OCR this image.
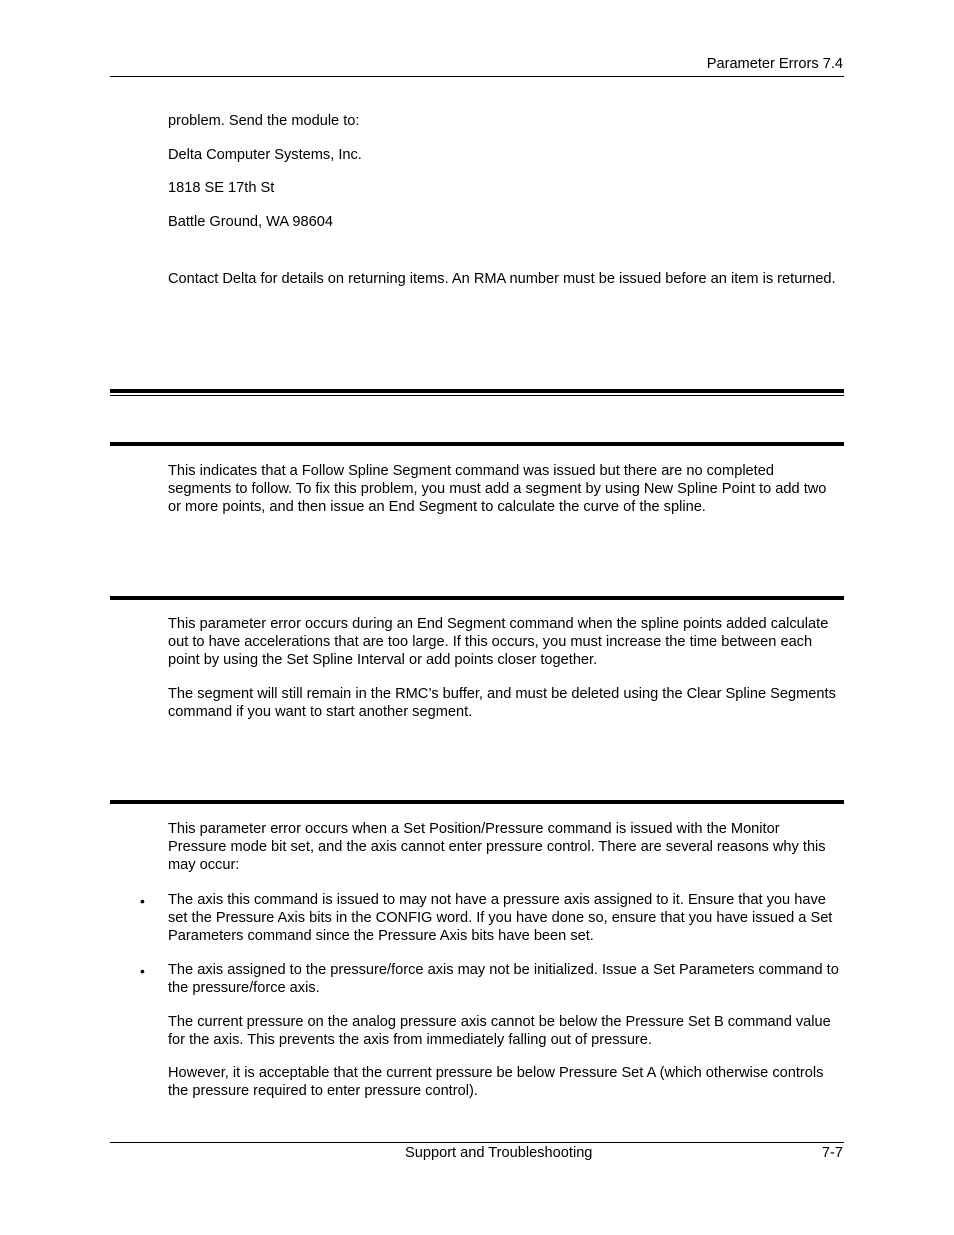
Parameter Errors 7.4
problem. Send the module to:
Delta Computer Systems, Inc.
1818 SE 17th St
Battle Ground, WA 98604
Contact Delta for details on returning items. An RMA number must be issued before an item is returned.
This indicates that a Follow Spline Segment command was issued but there are no completed segments to follow. To fix this problem, you must add a segment by using New Spline Point to add two or more points, and then issue an End Segment to calculate the curve of the spline.
This parameter error occurs during an End Segment command when the spline points added calculate out to have accelerations that are too large. If this occurs, you must increase the time between each point by using the Set Spline Interval or add points closer together.
The segment will still remain in the RMC’s buffer, and must be deleted using the Clear Spline Segments command if you want to start another segment.
This parameter error occurs when a Set Position/Pressure command is issued with the Monitor Pressure mode bit set, and the axis cannot enter pressure control. There are several reasons why this may occur:
• The axis this command is issued to may not have a pressure axis assigned to it. Ensure that you have set the Pressure Axis bits in the CONFIG word. If you have done so, ensure that you have issued a Set Parameters command since the Pressure Axis bits have been set.
• The axis assigned to the pressure/force axis may not be initialized. Issue a Set Parameters command to the pressure/force axis.
The current pressure on the analog pressure axis cannot be below the Pressure Set B command value for the axis. This prevents the axis from immediately falling out of pressure.
However, it is acceptable that the current pressure be below Pressure Set A (which otherwise controls the pressure required to enter pressure control).
Support and Troubleshooting	7-7
